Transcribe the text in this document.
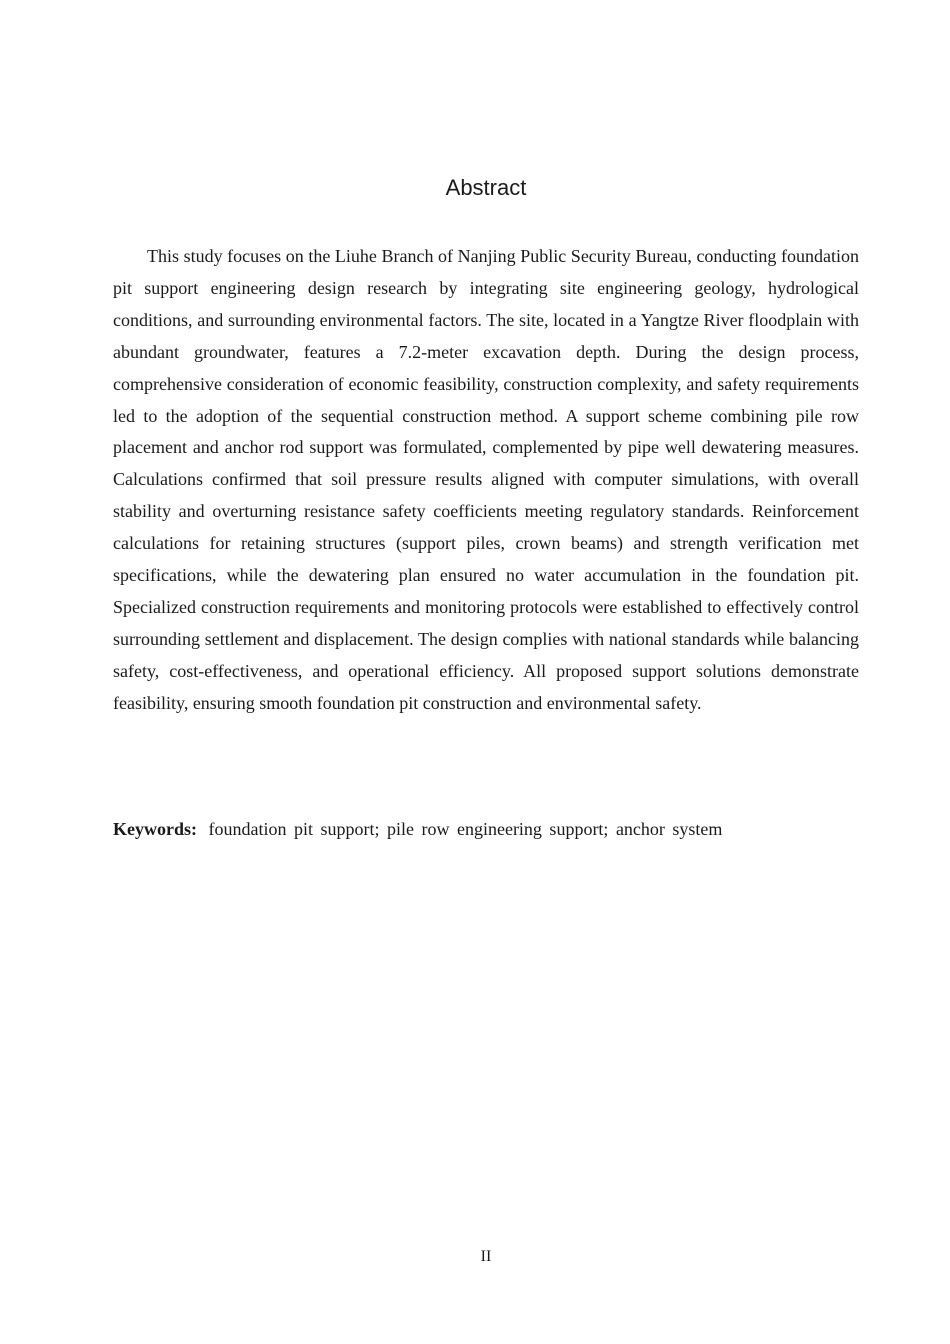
Abstract

This study focuses on the Liuhe Branch of Nanjing Public Security Bureau, conducting foundation pit support engineering design research by integrating site engineering geology, hydrological conditions, and surrounding environmental factors. The site, located in a Yangtze River floodplain with abundant groundwater, features a 7.2-meter excavation depth. During the design process, comprehensive consideration of economic feasibility, construction complexity, and safety requirements led to the adoption of the sequential construction method. A support scheme combining pile row placement and anchor rod support was formulated, complemented by pipe well dewatering measures. Calculations confirmed that soil pressure results aligned with computer simulations, with overall stability and overturning resistance safety coefficients meeting regulatory standards. Reinforcement calculations for retaining structures (support piles, crown beams) and strength verification met specifications, while the dewatering plan ensured no water accumulation in the foundation pit. Specialized construction requirements and monitoring protocols were established to effectively control surrounding settlement and displacement. The design complies with national standards while balancing safety, cost-effectiveness, and operational efficiency. All proposed support solutions demonstrate feasibility, ensuring smooth foundation pit construction and environmental safety.

Keywords: foundation pit support; pile row engineering support; anchor system
II
